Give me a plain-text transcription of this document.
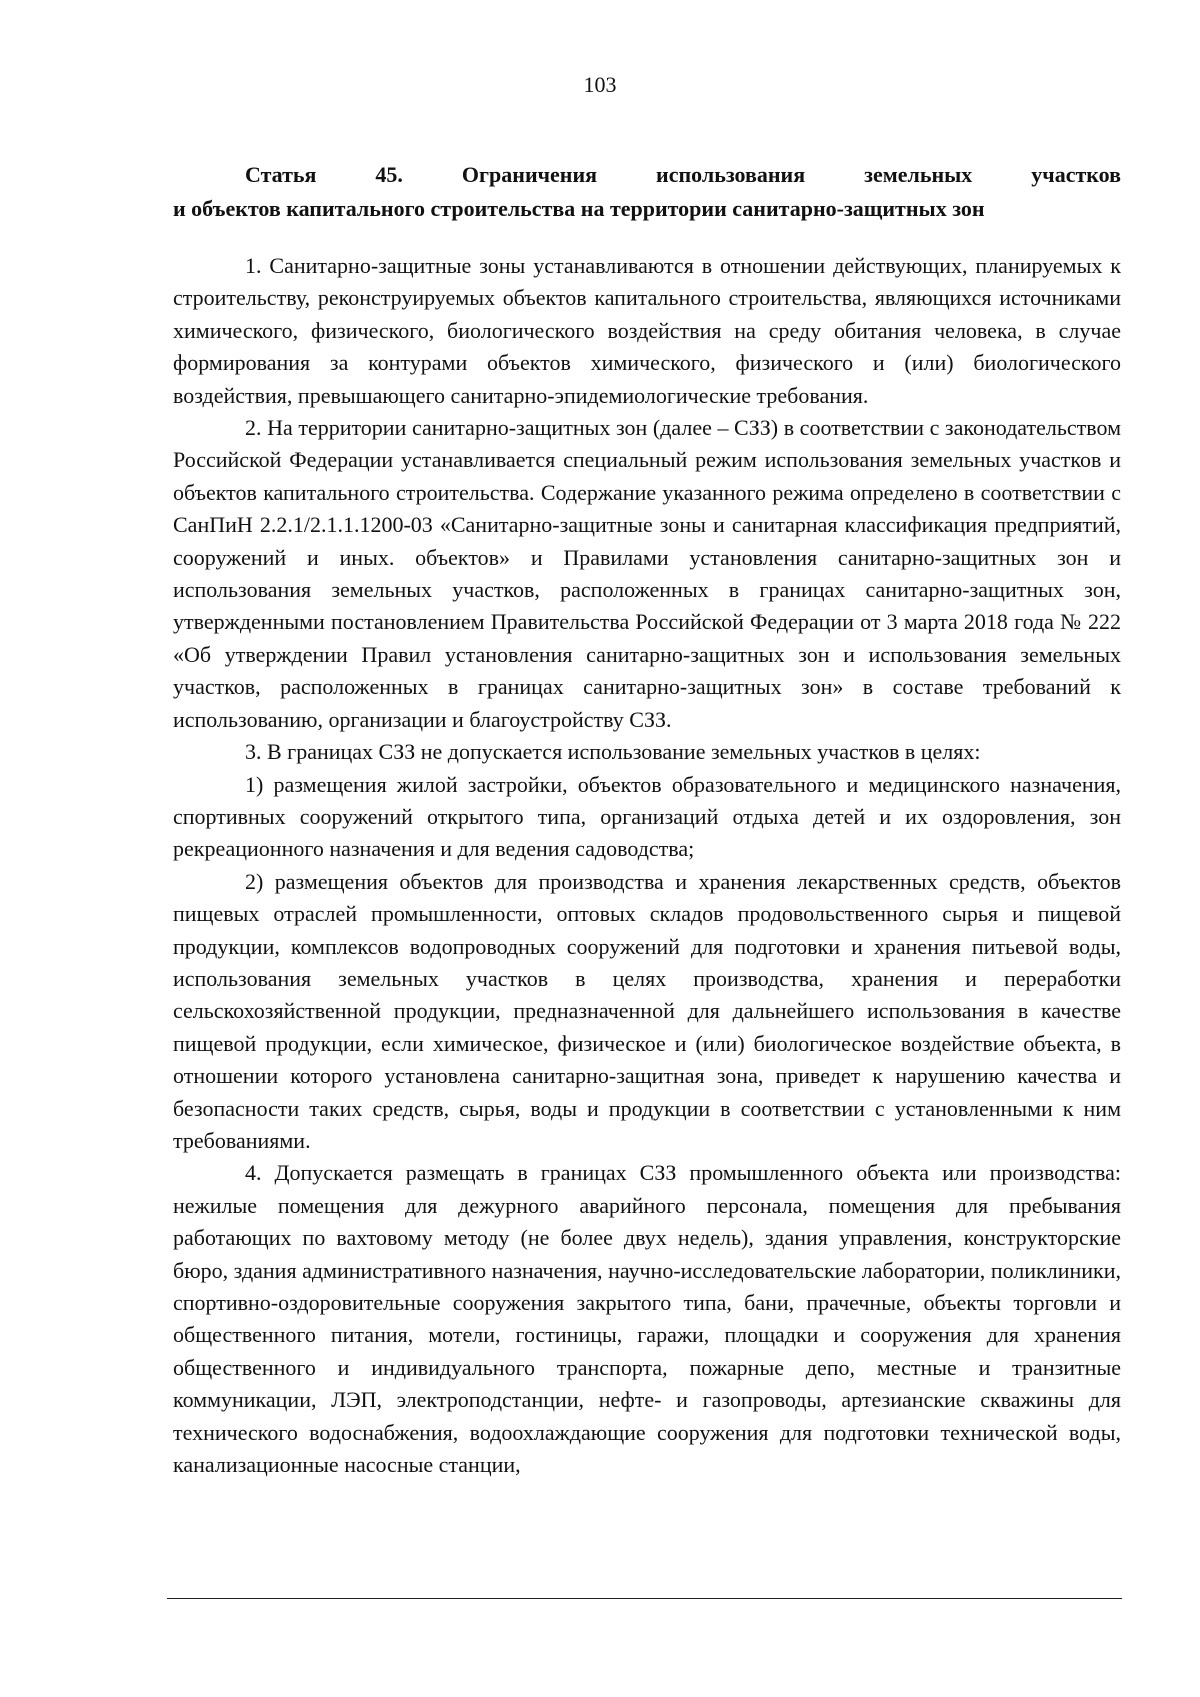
103
Статья 45. Ограничения использования земельных участков
и объектов капитального строительства на территории санитарно-защитных зон

1. Санитарно-защитные зоны устанавливаются в отношении действующих, планируемых к строительству, реконструируемых объектов капитального строительства, являющихся источниками химического, физического, биологического воздействия на среду обитания человека, в случае формирования за контурами объектов химического, физического и (или) биологического воздействия, превышающего санитарно-эпидемиологические требования.

2. На территории санитарно-защитных зон (далее – СЗЗ) в соответствии с законодательством Российской Федерации устанавливается специальный режим использования земельных участков и объектов капитального строительства. Содержание указанного режима определено в соответствии с СанПиН 2.2.1/2.1.1.1200-03 «Санитарно-защитные зоны и санитарная классификация предприятий, сооружений и иных. объектов» и Правилами установления санитарно-защитных зон и использования земельных участков, расположенных в границах санитарно-защитных зон, утвержденными постановлением Правительства Российской Федерации от 3 марта 2018 года № 222 «Об утверждении Правил установления санитарно-защитных зон и использования земельных участков, расположенных в границах санитарно-защитных зон» в составе требований к использованию, организации и благоустройству СЗЗ.

3. В границах СЗЗ не допускается использование земельных участков в целях:

1) размещения жилой застройки, объектов образовательного и медицинского назначения, спортивных сооружений открытого типа, организаций отдыха детей и их оздоровления, зон рекреационного назначения и для ведения садоводства;

2) размещения объектов для производства и хранения лекарственных средств, объектов пищевых отраслей промышленности, оптовых складов продовольственного сырья и пищевой продукции, комплексов водопроводных сооружений для подготовки и хранения питьевой воды, использования земельных участков в целях производства, хранения и переработки сельскохозяйственной продукции, предназначенной для дальнейшего использования в качестве пищевой продукции, если химическое, физическое и (или) биологическое воздействие объекта, в отношении которого установлена санитарно-защитная зона, приведет к нарушению качества и безопасности таких средств, сырья, воды и продукции в соответствии с установленными к ним требованиями.

4. Допускается размещать в границах СЗЗ промышленного объекта или производства: нежилые помещения для дежурного аварийного персонала, помещения для пребывания работающих по вахтовому методу (не более двух недель), здания управления, конструкторские бюро, здания административного назначения, научно-исследовательские лаборатории, поликлиники, спортивно-оздоровительные сооружения закрытого типа, бани, прачечные, объекты торговли и общественного питания, мотели, гостиницы, гаражи, площадки и сооружения для хранения общественного и индивидуального транспорта, пожарные депо, местные и транзитные коммуникации, ЛЭП, электроподстанции, нефте- и газопроводы, артезианские скважины для технического водоснабжения, водоохлаждающие сооружения для подготовки технической воды, канализационные насосные станции,
